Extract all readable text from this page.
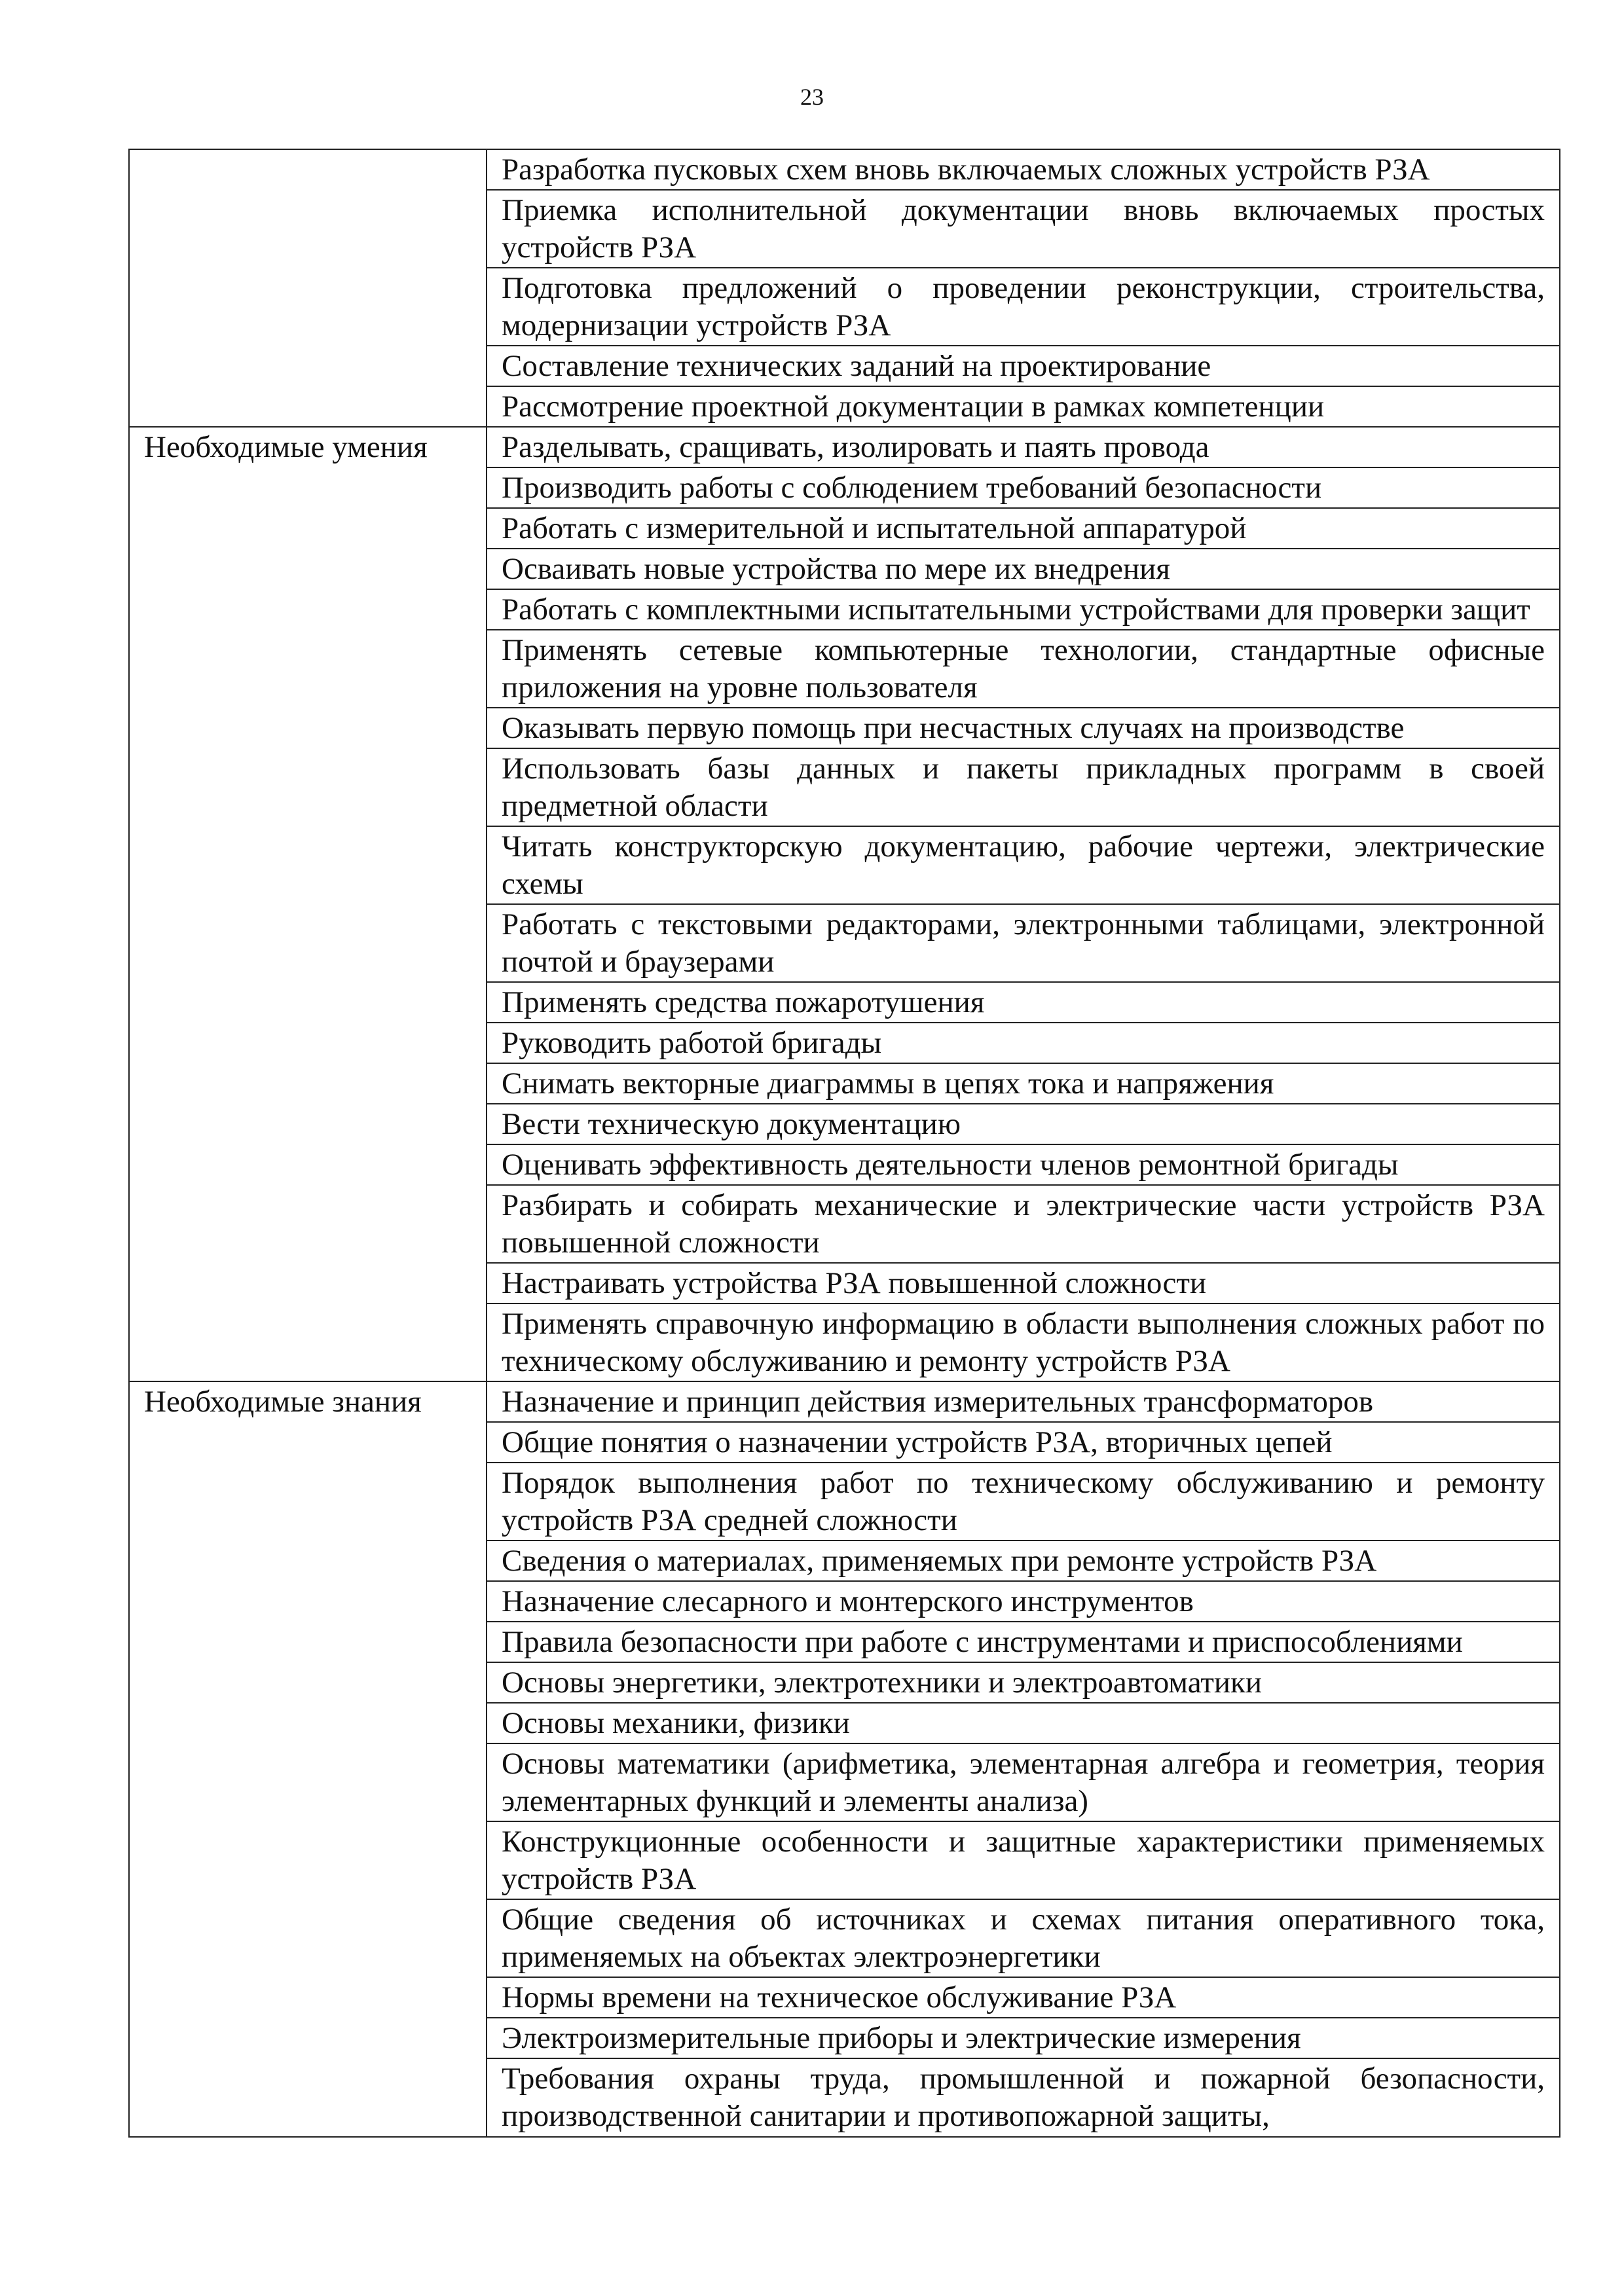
23
	Разработка пусковых схем вновь включаемых сложных устройств РЗА
	Приемка исполнительной документации вновь включаемых простых устройств РЗА
	Подготовка предложений о проведении реконструкции, строительства, модернизации устройств РЗА
	Составление технических заданий на проектирование
	Рассмотрение проектной документации в рамках компетенции
Необходимые умения	Разделывать, сращивать, изолировать и паять провода
	Производить работы с соблюдением требований безопасности
	Работать с измерительной и испытательной аппаратурой
	Осваивать новые устройства по мере их внедрения
	Работать с комплектными испытательными устройствами для проверки защит
	Применять сетевые компьютерные технологии, стандартные офисные приложения на уровне пользователя
	Оказывать первую помощь при несчастных случаях на производстве
	Использовать базы данных и пакеты прикладных программ в своей предметной области
	Читать конструкторскую документацию, рабочие чертежи, электрические схемы
	Работать с текстовыми редакторами, электронными таблицами, электронной почтой и браузерами
	Применять средства пожаротушения
	Руководить работой бригады
	Снимать векторные диаграммы в цепях тока и напряжения
	Вести техническую документацию
	Оценивать эффективность деятельности членов ремонтной бригады
	Разбирать и собирать механические и электрические части устройств РЗА повышенной сложности
	Настраивать устройства РЗА повышенной сложности
	Применять справочную информацию в области выполнения сложных работ по техническому обслуживанию и ремонту устройств РЗА
Необходимые знания	Назначение и принцип действия измерительных трансформаторов
	Общие понятия о назначении устройств РЗА, вторичных цепей
	Порядок выполнения работ по техническому обслуживанию и ремонту устройств РЗА средней сложности
	Сведения о материалах, применяемых при ремонте устройств РЗА
	Назначение слесарного и монтерского инструментов
	Правила безопасности при работе с инструментами и приспособлениями
	Основы энергетики, электротехники и электроавтоматики
	Основы механики, физики
	Основы математики (арифметика, элементарная алгебра и геометрия, теория элементарных функций и элементы анализа)
	Конструкционные особенности и защитные характеристики применяемых устройств РЗА
	Общие сведения об источниках и схемах питания оперативного тока, применяемых на объектах электроэнергетики
	Нормы времени на техническое обслуживание РЗА
	Электроизмерительные приборы и электрические измерения
	Требования охраны труда, промышленной и пожарной безопасности, производственной санитарии и противопожарной защиты,
